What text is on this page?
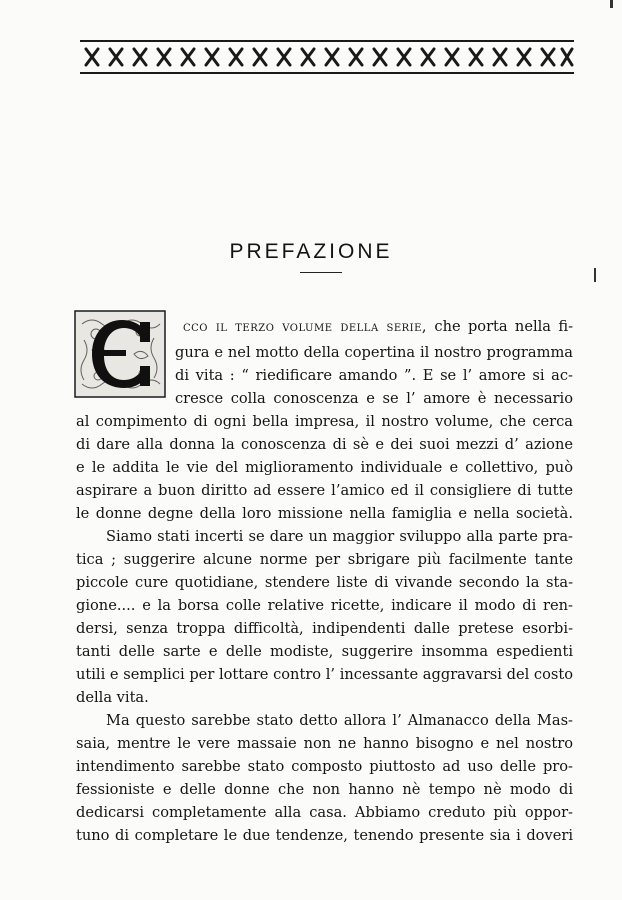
PREFAZIONE
cco il terzo volume della serie, che porta nella fi-
gura e nel motto della copertina il nostro programma
di vita : “ riedificare amando ”. E se l’ amore si ac-
cresce colla conoscenza e se l’ amore è necessario
al compimento di ogni bella impresa, il nostro volume, che cerca
di dare alla donna la conoscenza di sè e dei suoi mezzi d’ azione
e le addita le vie del miglioramento individuale e collettivo, può
aspirare a buon diritto ad essere l’amico ed il consigliere di tutte
le donne degne della loro missione nella famiglia e nella società.
Siamo stati incerti se dare un maggior sviluppo alla parte pra-
tica ; suggerire alcune norme per sbrigare più facilmente tante
piccole cure quotidiane, stendere liste di vivande secondo la sta-
gione.... e la borsa colle relative ricette, indicare il modo di ren-
dersi, senza troppa difficoltà, indipendenti dalle pretese esorbi-
tanti delle sarte e delle modiste, suggerire insomma espedienti
utili e semplici per lottare contro l’ incessante aggravarsi del costo
della vita.
Ma questo sarebbe stato detto allora l’ Almanacco della Mas-
saia, mentre le vere massaie non ne hanno bisogno e nel nostro
intendimento sarebbe stato composto piuttosto ad uso delle pro-
fessioniste e delle donne che non hanno nè tempo nè modo di
dedicarsi completamente alla casa. Abbiamo creduto più oppor-
tuno di completare le due tendenze, tenendo presente sia i doveri
